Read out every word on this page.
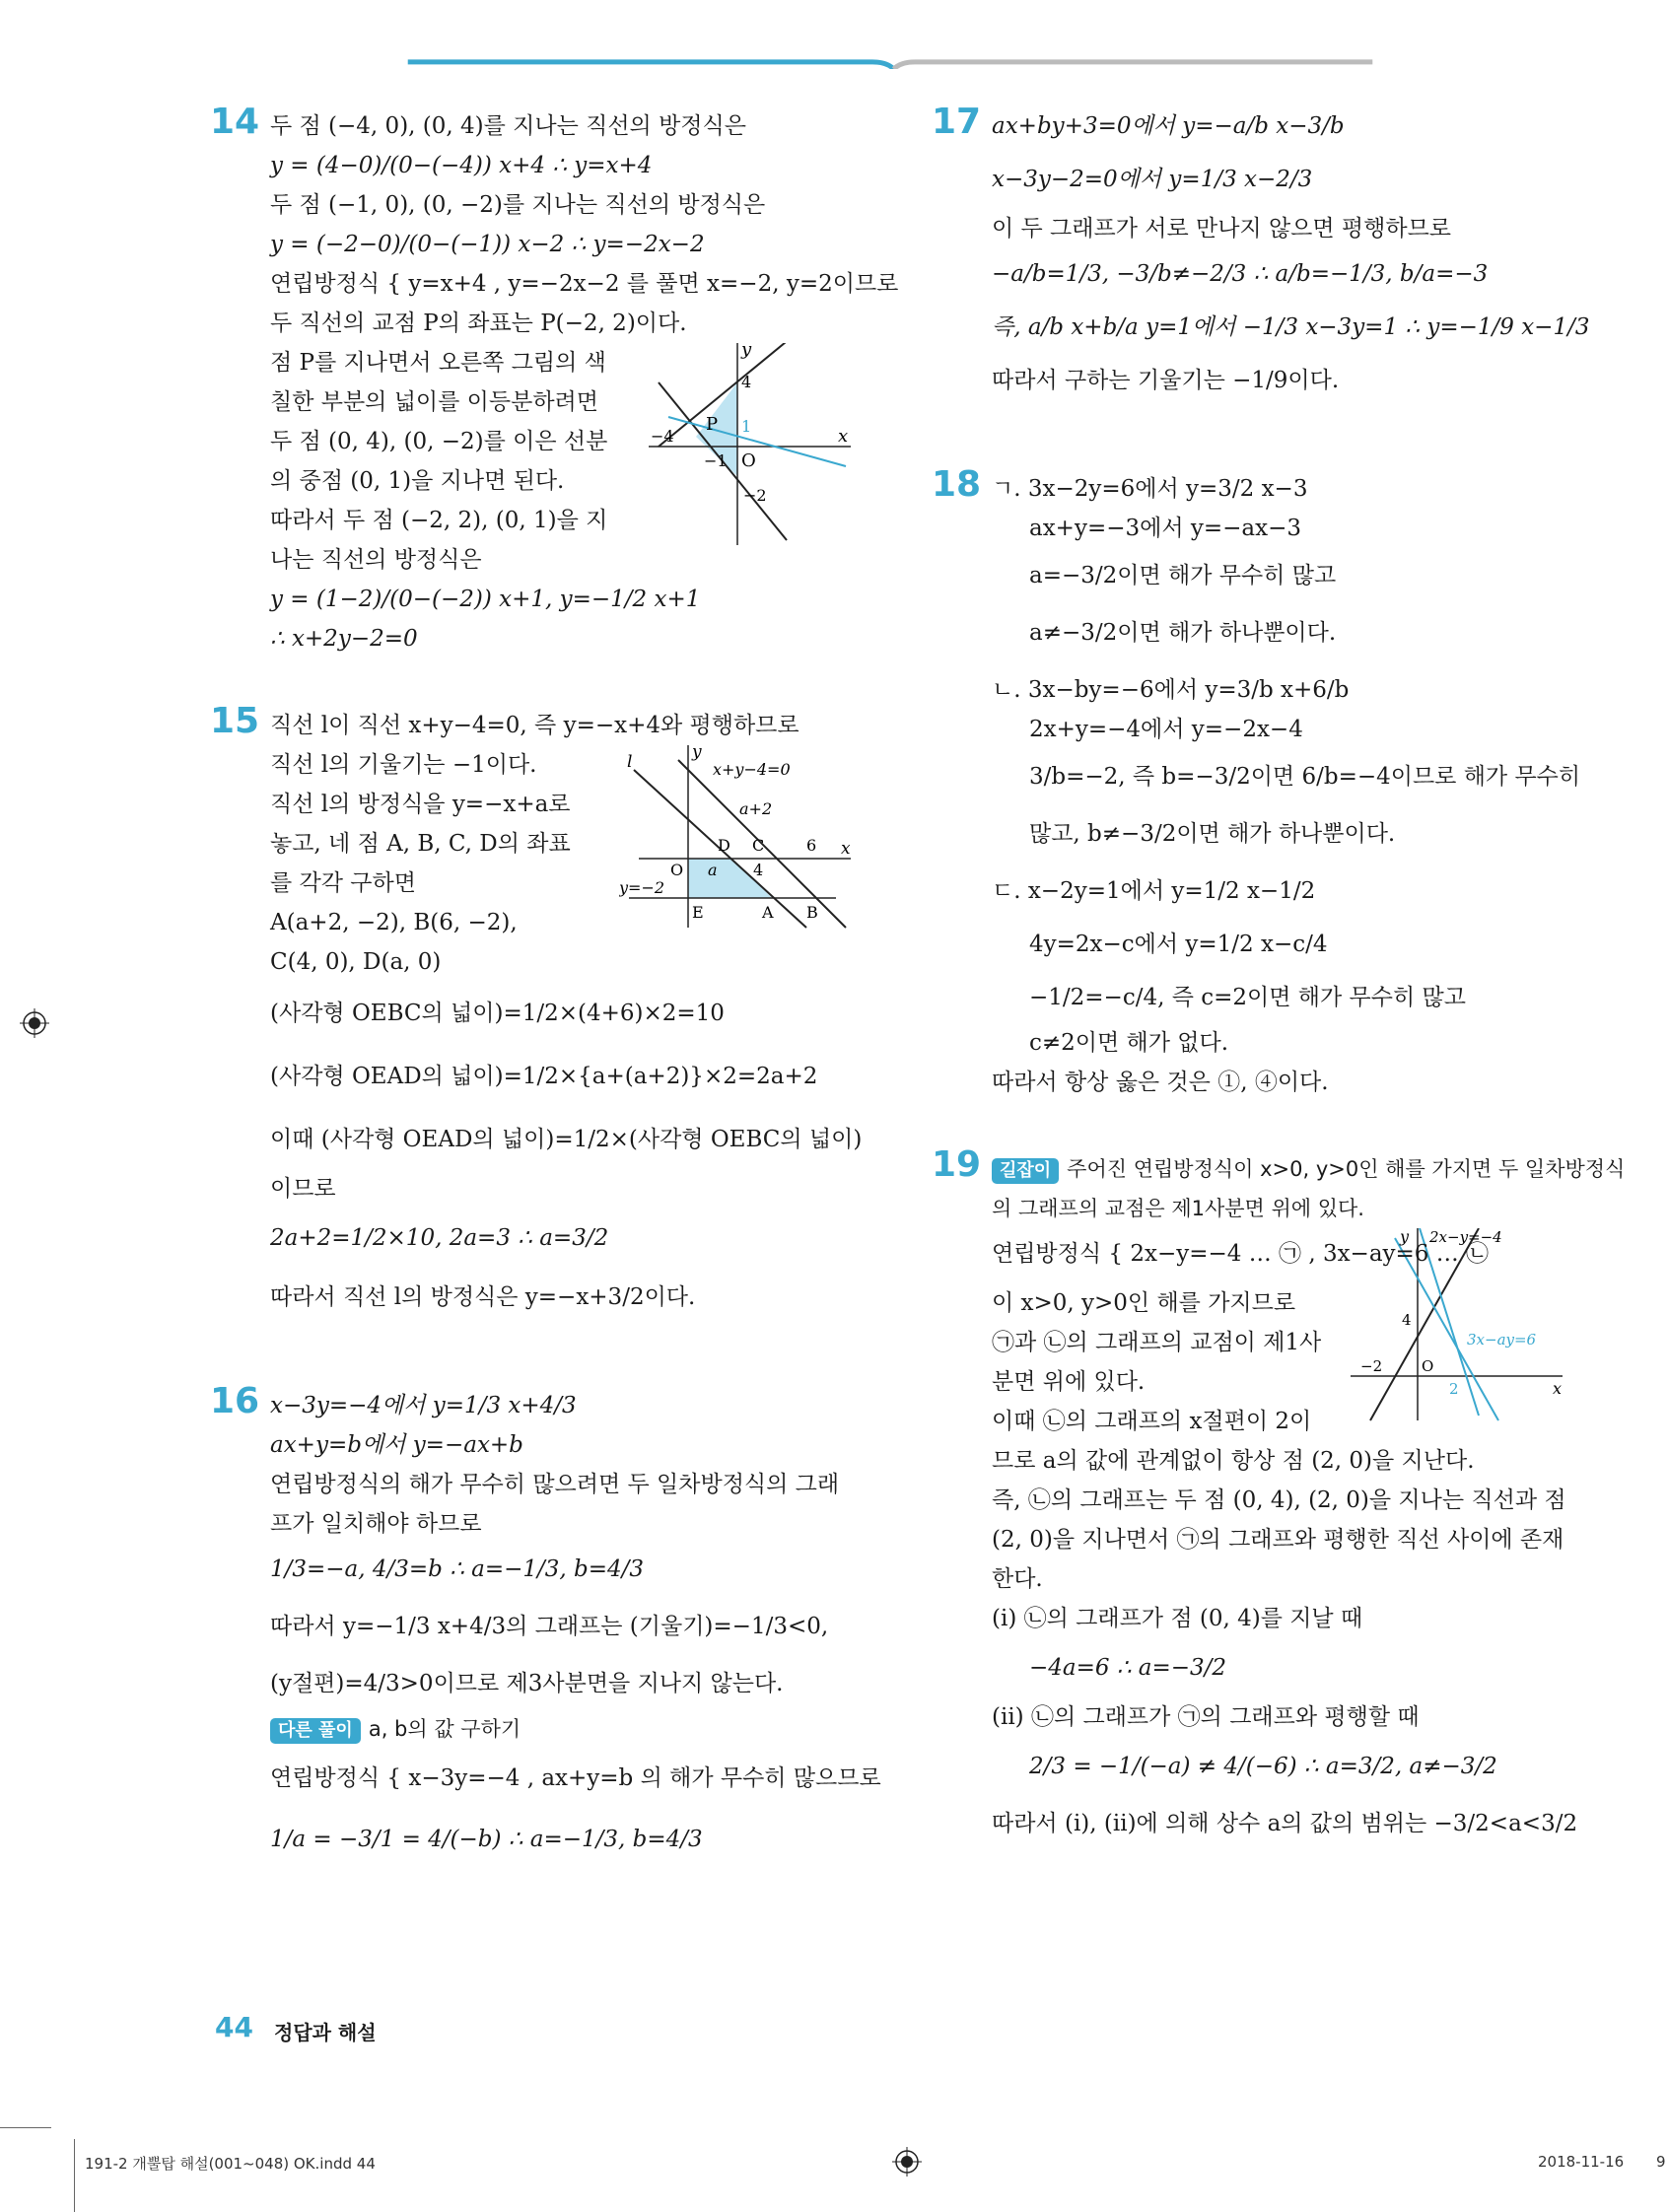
14 두 점 (−4, 0), (0, 4)를 지나는 직선의 방정식은
y = (4−0)/(0−(−4)) x+4 ∴ y=x+4
두 점 (−1, 0), (0, −2)를 지나는 직선의 방정식은
y = (−2−0)/(0−(−1)) x−2 ∴ y=−2x−2
연립방정식 { y=x+4 , y=−2x−2 를 풀면 x=−2, y=2이므로
두 직선의 교점 P의 좌표는 P(−2, 2)이다.
y
x
O
P
4
1
−4
−1
−2
점 P를 지나면서 오른쪽 그림의 색
칠한 부분의 넓이를 이등분하려면
두 점 (0, 4), (0, −2)를 이은 선분
의 중점 (0, 1)을 지나면 된다.
따라서 두 점 (−2, 2), (0, 1)을 지
나는 직선의 방정식은
y = (1−2)/(0−(−2)) x+1, y=−1/2 x+1
∴ x+2y−2=0
15 직선 l이 직선 x+y−4=0, 즉 y=−x+4와 평행하므로
y
x
l	x+y−4=0
a+2
D C	6
O a 4
y=−2
E	A B
직선 l의 기울기는 −1이다.
직선 l의 방정식을 y=−x+a로
놓고, 네 점 A, B, C, D의 좌표
를 각각 구하면
A(a+2, −2), B(6, −2),
C(4, 0), D(a, 0)
(사각형 OEBC의 넓이)=1/2×(4+6)×2=10
(사각형 OEAD의 넓이)=1/2×{a+(a+2)}×2=2a+2
이때 (사각형 OEAD의 넓이)=1/2×(사각형 OEBC의 넓이)
이므로
2a+2=1/2×10, 2a=3 ∴ a=3/2
따라서 직선 l의 방정식은 y=−x+3/2이다.
16 x−3y=−4에서 y=1/3 x+4/3
ax+y=b에서 y=−ax+b
연립방정식의 해가 무수히 많으려면 두 일차방정식의 그래
프가 일치해야 하므로
1/3=−a, 4/3=b ∴ a=−1/3, b=4/3
따라서 y=−1/3 x+4/3의 그래프는 (기울기)=−1/3<0,
(y절편)=4/3>0이므로 제3사분면을 지나지 않는다.
다른 풀이 a, b의 값 구하기
연립방정식 { x−3y=−4 , ax+y=b 의 해가 무수히 많으므로
1/a = −3/1 = 4/(−b) ∴ a=−1/3, b=4/3
17 ax+by+3=0에서 y=−a/b x−3/b
x−3y−2=0에서 y=1/3 x−2/3
이 두 그래프가 서로 만나지 않으면 평행하므로
−a/b=1/3, −3/b≠−2/3 ∴ a/b=−1/3, b/a=−3
즉, a/b x+b/a y=1에서 −1/3 x−3y=1 ∴ y=−1/9 x−1/3
따라서 구하는 기울기는 −1/9이다.
18 ㄱ. 3x−2y=6에서 y=3/2 x−3
ax+y=−3에서 y=−ax−3
a=−3/2이면 해가 무수히 많고
a≠−3/2이면 해가 하나뿐이다.
ㄴ. 3x−by=−6에서 y=3/b x+6/b
2x+y=−4에서 y=−2x−4
3/b=−2, 즉 b=−3/2이면 6/b=−4이므로 해가 무수히
많고, b≠−3/2이면 해가 하나뿐이다.
ㄷ. x−2y=1에서 y=1/2 x−1/2
4y=2x−c에서 y=1/2 x−c/4
−1/2=−c/4, 즉 c=2이면 해가 무수히 많고
c≠2이면 해가 없다.
따라서 항상 옳은 것은 ①, ④이다.
19	길잡이 주어진 연립방정식이 x>0, y>0인 해를 가지면 두 일차방정식
의 그래프의 교점은 제1사분면 위에 있다.
y
x
2x−y=−4
4
−2	O
2
3x−ay=6
연립방정식 { 2x−y=−4 … ㉠ , 3x−ay=6 … ㉡
이 x>0, y>0인 해를 가지므로
㉠과 ㉡의 그래프의 교점이 제1사
분면 위에 있다.
이때 ㉡의 그래프의 x절편이 2이
므로 a의 값에 관계없이 항상 점 (2, 0)을 지난다.
즉, ㉡의 그래프는 두 점 (0, 4), (2, 0)을 지나는 직선과 점
(2, 0)을 지나면서 ㉠의 그래프와 평행한 직선 사이에 존재
한다.
(ⅰ) ㉡의 그래프가 점 (0, 4)를 지날 때
−4a=6 ∴ a=−3/2
(ⅱ) ㉡의 그래프가 ㉠의 그래프와 평행할 때
2/3 = −1/(−a) ≠ 4/(−6) ∴ a=3/2, a≠−3/2
따라서 (ⅰ), (ⅱ)에 의해 상수 a의 값의 범위는 −3/2<a<3/2
44 정답과 해설
191-2 개뿔탑 해설(001~048) OK.indd 44	2018-11-16 9
